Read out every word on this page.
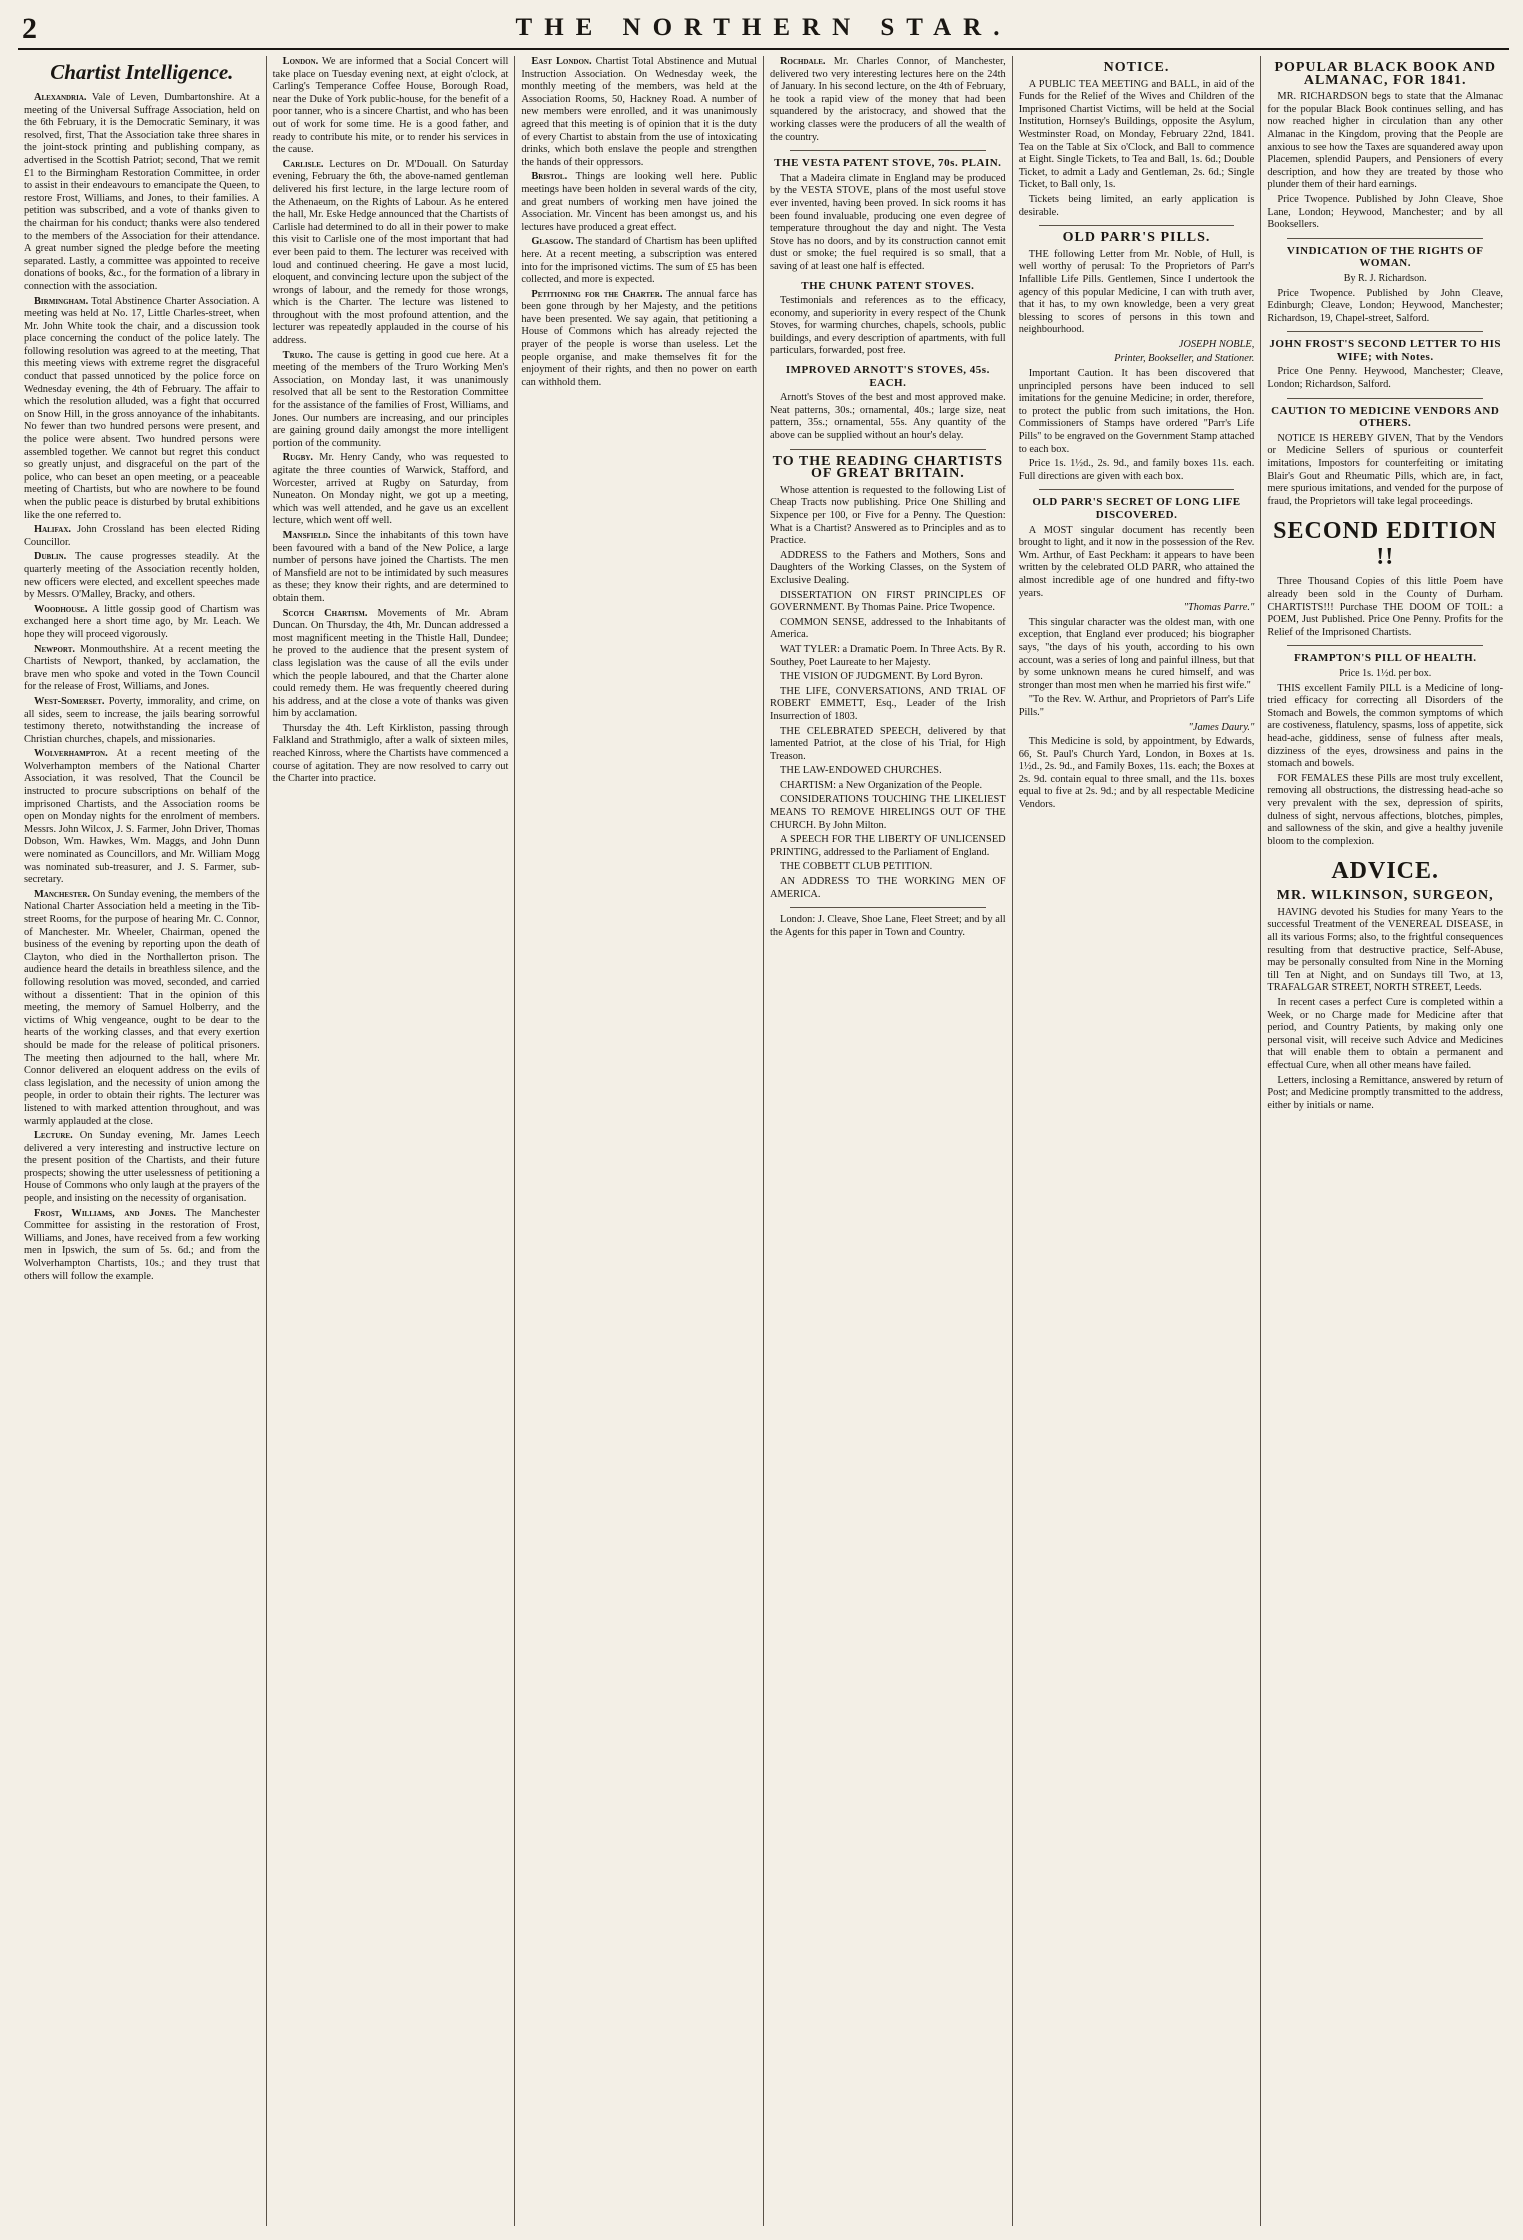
2	THE NORTHERN STAR.
Chartist Intelligence.

Alexandria. Vale of Leven, Dumbartonshire. At a meeting of the Universal Suffrage Association, held on the 6th February, it is the Democratic Seminary, it was resolved, first, That the Association take three shares in the joint-stock printing and publishing company, as advertised in the Scottish Patriot; second, That we remit £1 to the Birmingham Restoration Committee, in order to assist in their endeavours to emancipate the Queen, to restore Frost, Williams, and Jones, to their families. A petition was subscribed, and a vote of thanks given to the chairman for his conduct; thanks were also tendered to the members of the Association for their attendance. A great number signed the pledge before the meeting separated. Lastly, a committee was appointed to receive donations of books, &c., for the formation of a library in connection with the association.

Birmingham. Total Abstinence Charter Association. A meeting was held at No. 17, Little Charles-street, when Mr. John White took the chair, and a discussion took place concerning the conduct of the police lately. The following resolution was agreed to at the meeting, That this meeting views with extreme regret the disgraceful conduct that passed unnoticed by the police force on Wednesday evening, the 4th of February. The affair to which the resolution alluded, was a fight that occurred on Snow Hill, in the gross annoyance of the inhabitants. No fewer than two hundred persons were present, and the police were absent. Two hundred persons were assembled together. We cannot but regret this conduct so greatly unjust, and disgraceful on the part of the police, who can beset an open meeting, or a peaceable meeting of Chartists, but who are nowhere to be found when the public peace is disturbed by brutal exhibitions like the one referred to.

Halifax. John Crossland has been elected Riding Councillor.

Dublin. The cause progresses steadily. At the quarterly meeting of the Association recently holden, new officers were elected, and excellent speeches made by Messrs. O'Malley, Bracky, and others.

Woodhouse. A little gossip good of Chartism was exchanged here a short time ago, by Mr. Leach. We hope they will proceed vigorously.

Newport. Monmouthshire. At a recent meeting the Chartists of Newport, thanked, by acclamation, the brave men who spoke and voted in the Town Council for the release of Frost, Williams, and Jones.

West-Somerset. Poverty, immorality, and crime, on all sides, seem to increase, the jails bearing sorrowful testimony thereto, notwithstanding the increase of Christian churches, chapels, and missionaries.

Wolverhampton. At a recent meeting of the Wolverhampton members of the National Charter Association, it was resolved, That the Council be instructed to procure subscriptions on behalf of the imprisoned Chartists, and the Association rooms be open on Monday nights for the enrolment of members. Messrs. John Wilcox, J. S. Farmer, John Driver, Thomas Dobson, Wm. Hawkes, Wm. Maggs, and John Dunn were nominated as Councillors, and Mr. William Mogg was nominated sub-treasurer, and J. S. Farmer, sub-secretary.

Manchester. On Sunday evening, the members of the National Charter Association held a meeting in the Tib-street Rooms, for the purpose of hearing Mr. C. Connor, of Manchester. Mr. Wheeler, Chairman, opened the business of the evening by reporting upon the death of Clayton, who died in the Northallerton prison. The audience heard the details in breathless silence, and the following resolution was moved, seconded, and carried without a dissentient: That in the opinion of this meeting, the memory of Samuel Holberry, and the victims of Whig vengeance, ought to be dear to the hearts of the working classes, and that every exertion should be made for the release of political prisoners. The meeting then adjourned to the hall, where Mr. Connor delivered an eloquent address on the evils of class legislation, and the necessity of union among the people, in order to obtain their rights. The lecturer was listened to with marked attention throughout, and was warmly applauded at the close.

Lecture. On Sunday evening, Mr. James Leech delivered a very interesting and instructive lecture on the present position of the Chartists, and their future prospects; showing the utter uselessness of petitioning a House of Commons who only laugh at the prayers of the people, and insisting on the necessity of organisation.

Frost, Williams, and Jones. The Manchester Committee for assisting in the restoration of Frost, Williams, and Jones, have received from a few working men in Ipswich, the sum of 5s. 6d.; and from the Wolverhampton Chartists, 10s.; and they trust that others will follow the example.

London. We are informed that a Social Concert will take place on Tuesday evening next, at eight o'clock, at Carling's Temperance Coffee House, Borough Road, near the Duke of York public-house, for the benefit of a poor tanner, who is a sincere Chartist, and who has been out of work for some time. He is a good father, and ready to contribute his mite, or to render his services in the cause.

Carlisle. Lectures on Dr. M'Douall. On Saturday evening, February the 6th, the above-named gentleman delivered his first lecture, in the large lecture room of the Athenaeum, on the Rights of Labour. As he entered the hall, Mr. Eske Hedge announced that the Chartists of Carlisle had determined to do all in their power to make this visit to Carlisle one of the most important that had ever been paid to them. The lecturer was received with loud and continued cheering. He gave a most lucid, eloquent, and convincing lecture upon the subject of the wrongs of labour, and the remedy for those wrongs, which is the Charter. The lecture was listened to throughout with the most profound attention, and the lecturer was repeatedly applauded in the course of his address.

Truro. The cause is getting in good cue here. At a meeting of the members of the Truro Working Men's Association, on Monday last, it was unanimously resolved that all be sent to the Restoration Committee for the assistance of the families of Frost, Williams, and Jones. Our numbers are increasing, and our principles are gaining ground daily amongst the more intelligent portion of the community.

Rugby. Mr. Henry Candy, who was requested to agitate the three counties of Warwick, Stafford, and Worcester, arrived at Rugby on Saturday, from Nuneaton. On Monday night, we got up a meeting, which was well attended, and he gave us an excellent lecture, which went off well.

Mansfield. Since the inhabitants of this town have been favoured with a band of the New Police, a large number of persons have joined the Chartists. The men of Mansfield are not to be intimidated by such measures as these; they know their rights, and are determined to obtain them.

Scotch Chartism. Movements of Mr. Abram Duncan. On Thursday, the 4th, Mr. Duncan addressed a most magnificent meeting in the Thistle Hall, Dundee; he proved to the audience that the present system of class legislation was the cause of all the evils under which the people laboured, and that the Charter alone could remedy them. He was frequently cheered during his address, and at the close a vote of thanks was given him by acclamation.

Thursday the 4th. Left Kirkliston, passing through Falkland and Strathmiglo, after a walk of sixteen miles, reached Kinross, where the Chartists have commenced a course of agitation. They are now resolved to carry out the Charter into practice.

East London. Chartist Total Abstinence and Mutual Instruction Association. On Wednesday week, the monthly meeting of the members, was held at the Association Rooms, 50, Hackney Road. A number of new members were enrolled, and it was unanimously agreed that this meeting is of opinion that it is the duty of every Chartist to abstain from the use of intoxicating drinks, which both enslave the people and strengthen the hands of their oppressors.

Bristol. Things are looking well here. Public meetings have been holden in several wards of the city, and great numbers of working men have joined the Association. Mr. Vincent has been amongst us, and his lectures have produced a great effect.

Glasgow. The standard of Chartism has been uplifted here. At a recent meeting, a subscription was entered into for the imprisoned victims. The sum of £5 has been collected, and more is expected.

Petitioning for the Charter. The annual farce has been gone through by her Majesty, and the petitions have been presented. We say again, that petitioning a House of Commons which has already rejected the prayer of the people is worse than useless. Let the people organise, and make themselves fit for the enjoyment of their rights, and then no power on earth can withhold them.

Rochdale. Mr. Charles Connor, of Manchester, delivered two very interesting lectures here on the 24th of January. In his second lecture, on the 4th of February, he took a rapid view of the money that had been squandered by the aristocracy, and showed that the working classes were the producers of all the wealth of the country.

THE VESTA PATENT STOVE, 70s. PLAIN.

That a Madeira climate in England may be produced by the VESTA STOVE, plans of the most useful stove ever invented, having been proved. In sick rooms it has been found invaluable, producing one even degree of temperature throughout the day and night. The Vesta Stove has no doors, and by its construction cannot emit dust or smoke; the fuel required is so small, that a saving of at least one half is effected.

THE CHUNK PATENT STOVES.

Testimonials and references as to the efficacy, economy, and superiority in every respect of the Chunk Stoves, for warming churches, chapels, schools, public buildings, and every description of apartments, with full particulars, forwarded, post free.

IMPROVED ARNOTT'S STOVES, 45s. EACH.

Arnott's Stoves of the best and most approved make. Neat patterns, 30s.; ornamental, 40s.; large size, neat pattern, 35s.; ornamental, 55s. Any quantity of the above can be supplied without an hour's delay.

TO THE READING CHARTISTS OF GREAT BRITAIN.

Whose attention is requested to the following List of Cheap Tracts now publishing. Price One Shilling and Sixpence per 100, or Five for a Penny. The Question: What is a Chartist? Answered as to Principles and as to Practice.

ADDRESS to the Fathers and Mothers, Sons and Daughters of the Working Classes, on the System of Exclusive Dealing.

DISSERTATION ON FIRST PRINCIPLES OF GOVERNMENT. By Thomas Paine. Price Twopence.

COMMON SENSE, addressed to the Inhabitants of America.

WAT TYLER: a Dramatic Poem. In Three Acts. By R. Southey, Poet Laureate to her Majesty.

THE VISION OF JUDGMENT. By Lord Byron.

THE LIFE, CONVERSATIONS, AND TRIAL OF ROBERT EMMETT, Esq., Leader of the Irish Insurrection of 1803.

THE CELEBRATED SPEECH, delivered by that lamented Patriot, at the close of his Trial, for High Treason.

THE LAW-ENDOWED CHURCHES.

CHARTISM: a New Organization of the People.

CONSIDERATIONS TOUCHING THE LIKELIEST MEANS TO REMOVE HIRELINGS OUT OF THE CHURCH. By John Milton.

A SPEECH FOR THE LIBERTY OF UNLICENSED PRINTING, addressed to the Parliament of England.

THE COBBETT CLUB PETITION.

AN ADDRESS TO THE WORKING MEN OF AMERICA.

London: J. Cleave, Shoe Lane, Fleet Street; and by all the Agents for this paper in Town and Country.

NOTICE.

A PUBLIC TEA MEETING and BALL, in aid of the Funds for the Relief of the Wives and Children of the Imprisoned Chartist Victims, will be held at the Social Institution, Hornsey's Buildings, opposite the Asylum, Westminster Road, on Monday, February 22nd, 1841. Tea on the Table at Six o'Clock, and Ball to commence at Eight. Single Tickets, to Tea and Ball, 1s. 6d.; Double Ticket, to admit a Lady and Gentleman, 2s. 6d.; Single Ticket, to Ball only, 1s.

Tickets being limited, an early application is desirable.

OLD PARR'S PILLS.

THE following Letter from Mr. Noble, of Hull, is well worthy of perusal: To the Proprietors of Parr's Infallible Life Pills. Gentlemen, Since I undertook the agency of this popular Medicine, I can with truth aver, that it has, to my own knowledge, been a very great blessing to scores of persons in this town and neighbourhood.

JOSEPH NOBLE,

Printer, Bookseller, and Stationer.

Important Caution. It has been discovered that unprincipled persons have been induced to sell imitations for the genuine Medicine; in order, therefore, to protect the public from such imitations, the Hon. Commissioners of Stamps have ordered "Parr's Life Pills" to be engraved on the Government Stamp attached to each box.

Price 1s. 1½d., 2s. 9d., and family boxes 11s. each. Full directions are given with each box.

OLD PARR'S SECRET OF LONG LIFE DISCOVERED.

A MOST singular document has recently been brought to light, and it now in the possession of the Rev. Wm. Arthur, of East Peckham: it appears to have been written by the celebrated OLD PARR, who attained the almost incredible age of one hundred and fifty-two years.

"Thomas Parre."

This singular character was the oldest man, with one exception, that England ever produced; his biographer says, "the days of his youth, according to his own account, was a series of long and painful illness, but that by some unknown means he cured himself, and was stronger than most men when he married his first wife."

"To the Rev. W. Arthur, and Proprietors of Parr's Life Pills."

"James Daury."

This Medicine is sold, by appointment, by Edwards, 66, St. Paul's Church Yard, London, in Boxes at 1s. 1½d., 2s. 9d., and Family Boxes, 11s. each; the Boxes at 2s. 9d. contain equal to three small, and the 11s. boxes equal to five at 2s. 9d.; and by all respectable Medicine Vendors.

POPULAR BLACK BOOK AND ALMANAC, FOR 1841.

MR. RICHARDSON begs to state that the Almanac for the popular Black Book continues selling, and has now reached higher in circulation than any other Almanac in the Kingdom, proving that the People are anxious to see how the Taxes are squandered away upon Placemen, splendid Paupers, and Pensioners of every description, and how they are treated by those who plunder them of their hard earnings.

Price Twopence. Published by John Cleave, Shoe Lane, London; Heywood, Manchester; and by all Booksellers.

VINDICATION OF THE RIGHTS OF WOMAN.

By R. J. Richardson.

Price Twopence. Published by John Cleave, Edinburgh; Cleave, London; Heywood, Manchester; Richardson, 19, Chapel-street, Salford.

JOHN FROST'S SECOND LETTER TO HIS WIFE; with Notes.

Price One Penny. Heywood, Manchester; Cleave, London; Richardson, Salford.

CAUTION TO MEDICINE VENDORS AND OTHERS.

NOTICE IS HEREBY GIVEN, That by the Vendors or Medicine Sellers of spurious or counterfeit imitations, Impostors for counterfeiting or imitating Blair's Gout and Rheumatic Pills, which are, in fact, mere spurious imitations, and vended for the purpose of fraud, the Proprietors will take legal proceedings.

SECOND EDITION !!

Three Thousand Copies of this little Poem have already been sold in the County of Durham. CHARTISTS!!! Purchase THE DOOM OF TOIL: a POEM, Just Published. Price One Penny. Profits for the Relief of the Imprisoned Chartists.

FRAMPTON'S PILL OF HEALTH.

Price 1s. 1½d. per box.

THIS excellent Family PILL is a Medicine of long-tried efficacy for correcting all Disorders of the Stomach and Bowels, the common symptoms of which are costiveness, flatulency, spasms, loss of appetite, sick head-ache, giddiness, sense of fulness after meals, dizziness of the eyes, drowsiness and pains in the stomach and bowels.

FOR FEMALES these Pills are most truly excellent, removing all obstructions, the distressing head-ache so very prevalent with the sex, depression of spirits, dulness of sight, nervous affections, blotches, pimples, and sallowness of the skin, and give a healthy juvenile bloom to the complexion.

ADVICE.
MR. WILKINSON, SURGEON,

HAVING devoted his Studies for many Years to the successful Treatment of the VENEREAL DISEASE, in all its various Forms; also, to the frightful consequences resulting from that destructive practice, Self-Abuse, may be personally consulted from Nine in the Morning till Ten at Night, and on Sundays till Two, at 13, TRAFALGAR STREET, NORTH STREET, Leeds.

In recent cases a perfect Cure is completed within a Week, or no Charge made for Medicine after that period, and Country Patients, by making only one personal visit, will receive such Advice and Medicines that will enable them to obtain a permanent and effectual Cure, when all other means have failed.

Letters, inclosing a Remittance, answered by return of Post; and Medicine promptly transmitted to the address, either by initials or name.
